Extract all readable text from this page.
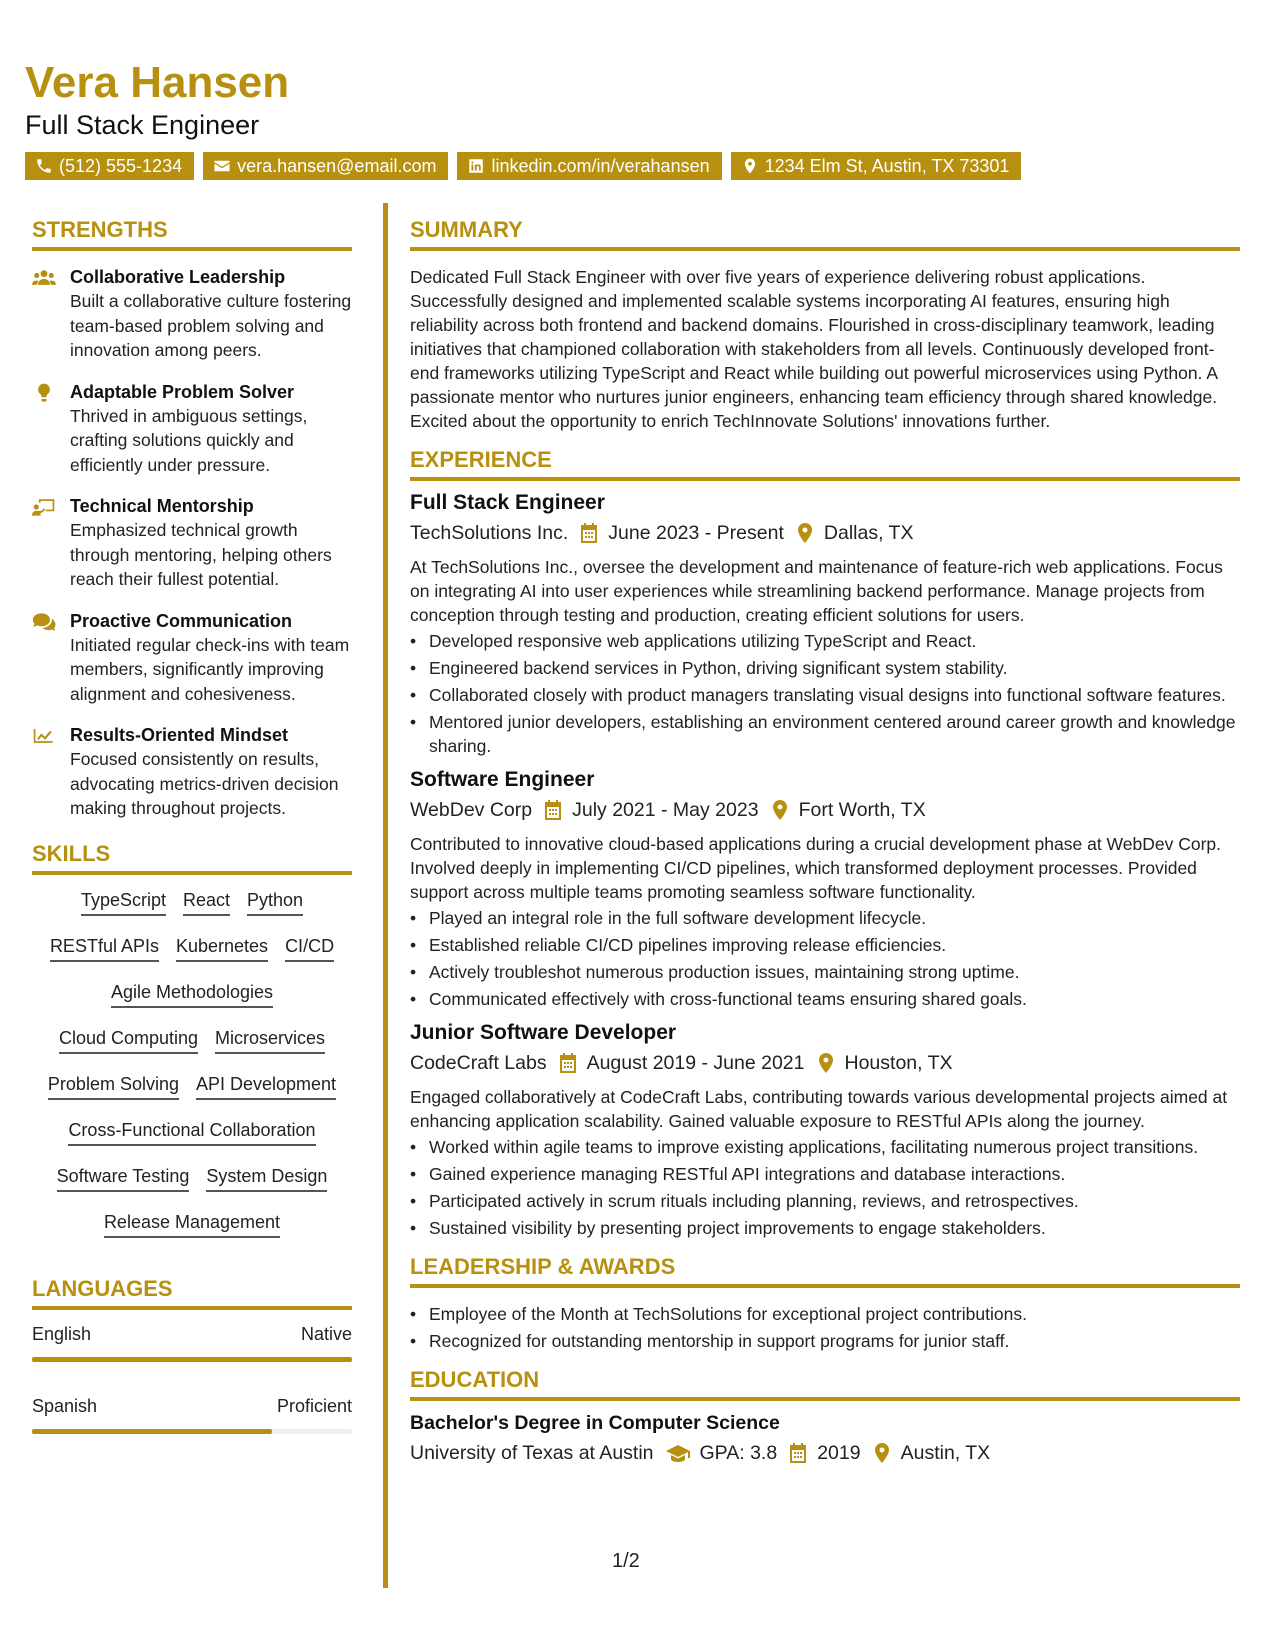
Vera Hansen
Full Stack Engineer
(512) 555-1234	vera.hansen@email.com	linkedin.com/in/verahansen	1234 Elm St, Austin, TX 73301
STRENGTHS
Collaborative Leadership
Built a collaborative culture fostering team-based problem solving and innovation among peers.
Adaptable Problem Solver
Thrived in ambiguous settings, crafting solutions quickly and efficiently under pressure.
Technical Mentorship
Emphasized technical growth through mentoring, helping others reach their fullest potential.
Proactive Communication
Initiated regular check-ins with team members, significantly improving alignment and cohesiveness.
Results-Oriented Mindset
Focused consistently on results, advocating metrics-driven decision making throughout projects.
SKILLS
TypeScript React Python
RESTful APIs Kubernetes CI/CD
Agile Methodologies
Cloud Computing Microservices
Problem Solving API Development
Cross-Functional Collaboration
Software Testing System Design
Release Management
LANGUAGES
English	Native
Spanish	Proficient
SUMMARY
Dedicated Full Stack Engineer with over five years of experience delivering robust applications. Successfully designed and implemented scalable systems incorporating AI features, ensuring high reliability across both frontend and backend domains. Flourished in cross-disciplinary teamwork, leading initiatives that championed collaboration with stakeholders from all levels. Continuously developed front-end frameworks utilizing TypeScript and React while building out powerful microservices using Python. A passionate mentor who nurtures junior engineers, enhancing team efficiency through shared knowledge. Excited about the opportunity to enrich TechInnovate Solutions' innovations further.
EXPERIENCE
Full Stack Engineer
TechSolutions Inc. June 2023 - Present Dallas, TX
At TechSolutions Inc., oversee the development and maintenance of feature-rich web applications. Focus on integrating AI into user experiences while streamlining backend performance. Manage projects from conception through testing and production, creating efficient solutions for users.
• Developed responsive web applications utilizing TypeScript and React.
• Engineered backend services in Python, driving significant system stability.
• Collaborated closely with product managers translating visual designs into functional software features.
• Mentored junior developers, establishing an environment centered around career growth and knowledge sharing.
Software Engineer
WebDev Corp July 2021 - May 2023 Fort Worth, TX
Contributed to innovative cloud-based applications during a crucial development phase at WebDev Corp. Involved deeply in implementing CI/CD pipelines, which transformed deployment processes. Provided support across multiple teams promoting seamless software functionality.
• Played an integral role in the full software development lifecycle.
• Established reliable CI/CD pipelines improving release efficiencies.
• Actively troubleshot numerous production issues, maintaining strong uptime.
• Communicated effectively with cross-functional teams ensuring shared goals.
Junior Software Developer
CodeCraft Labs August 2019 - June 2021 Houston, TX
Engaged collaboratively at CodeCraft Labs, contributing towards various developmental projects aimed at enhancing application scalability. Gained valuable exposure to RESTful APIs along the journey.
• Worked within agile teams to improve existing applications, facilitating numerous project transitions.
• Gained experience managing RESTful API integrations and database interactions.
• Participated actively in scrum rituals including planning, reviews, and retrospectives.
• Sustained visibility by presenting project improvements to engage stakeholders.
LEADERSHIP & AWARDS
• Employee of the Month at TechSolutions for exceptional project contributions.
• Recognized for outstanding mentorship in support programs for junior staff.
EDUCATION
Bachelor's Degree in Computer Science
University of Texas at Austin GPA: 3.8 2019 Austin, TX
1/2
